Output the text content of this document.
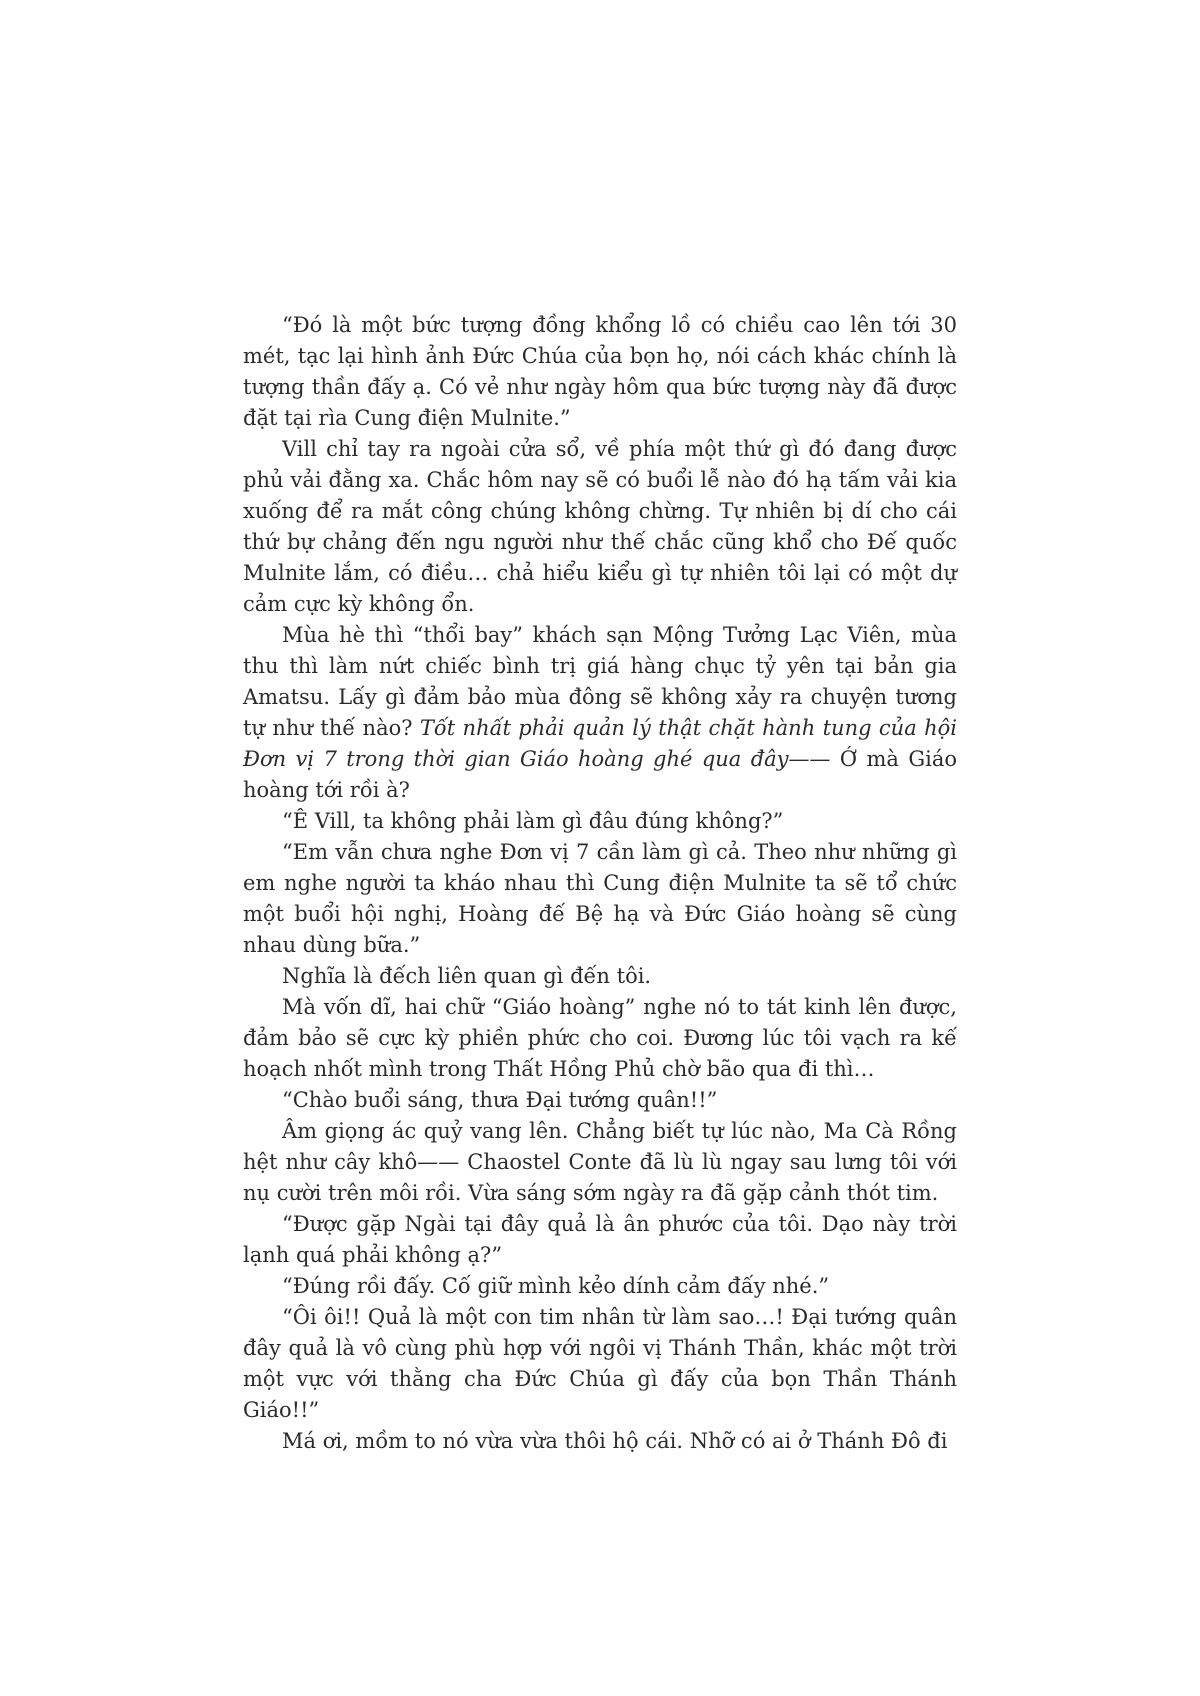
“Đó là một bức tượng đồng khổng lồ có chiều cao lên tới 30 mét, tạc lại hình ảnh Đức Chúa của bọn họ, nói cách khác chính là tượng thần đấy ạ. Có vẻ như ngày hôm qua bức tượng này đã được đặt tại rìa Cung điện Mulnite.”

Vill chỉ tay ra ngoài cửa sổ, về phía một thứ gì đó đang được phủ vải đằng xa. Chắc hôm nay sẽ có buổi lễ nào đó hạ tấm vải kia xuống để ra mắt công chúng không chừng. Tự nhiên bị dí cho cái thứ bự chảng đến ngu người như thế chắc cũng khổ cho Đế quốc Mulnite lắm, có điều… chả hiểu kiểu gì tự nhiên tôi lại có một dự cảm cực kỳ không ổn.

Mùa hè thì “thổi bay” khách sạn Mộng Tưởng Lạc Viên, mùa thu thì làm nứt chiếc bình trị giá hàng chục tỷ yên tại bản gia Amatsu. Lấy gì đảm bảo mùa đông sẽ không xảy ra chuyện tương tự như thế nào? Tốt nhất phải quản lý thật chặt hành tung của hội Đơn vị 7 trong thời gian Giáo hoàng ghé qua đây—— Ớ mà Giáo hoàng tới rồi à?

“Ê Vill, ta không phải làm gì đâu đúng không?”

“Em vẫn chưa nghe Đơn vị 7 cần làm gì cả. Theo như những gì em nghe người ta kháo nhau thì Cung điện Mulnite ta sẽ tổ chức một buổi hội nghị, Hoàng đế Bệ hạ và Đức Giáo hoàng sẽ cùng nhau dùng bữa.”

Nghĩa là đếch liên quan gì đến tôi.

Mà vốn dĩ, hai chữ “Giáo hoàng” nghe nó to tát kinh lên được, đảm bảo sẽ cực kỳ phiền phức cho coi. Đương lúc tôi vạch ra kế hoạch nhốt mình trong Thất Hồng Phủ chờ bão qua đi thì…

“Chào buổi sáng, thưa Đại tướng quân!!”

Âm giọng ác quỷ vang lên. Chẳng biết tự lúc nào, Ma Cà Rồng hệt như cây khô—— Chaostel Conte đã lù lù ngay sau lưng tôi với nụ cười trên môi rồi. Vừa sáng sớm ngày ra đã gặp cảnh thót tim.

“Được gặp Ngài tại đây quả là ân phước của tôi. Dạo này trời lạnh quá phải không ạ?”

“Đúng rồi đấy. Cố giữ mình kẻo dính cảm đấy nhé.”

“Ôi ôi!! Quả là một con tim nhân từ làm sao…! Đại tướng quân đây quả là vô cùng phù hợp với ngôi vị Thánh Thần, khác một trời một vực với thằng cha Đức Chúa gì đấy của bọn Thần Thánh Giáo!!”

Má ơi, mồm to nó vừa vừa thôi hộ cái. Nhỡ có ai ở Thánh Đô đi
